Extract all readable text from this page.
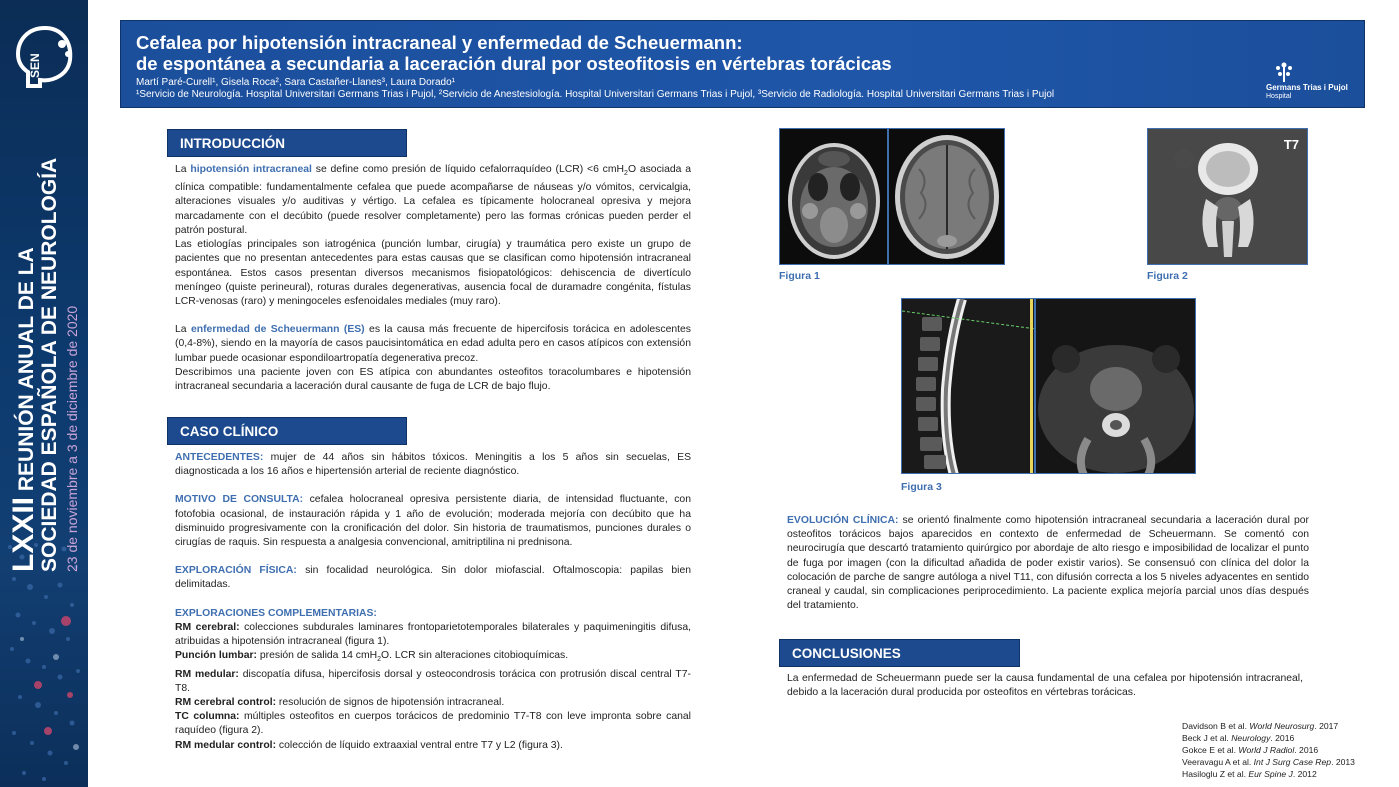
SEN
LXXII REUNIÓN ANUAL DE LA SOCIEDAD ESPAÑOLA DE NEUROLOGÍA 23 de noviembre a 3 de diciembre de 2020
Cefalea por hipotensión intracraneal y enfermedad de Scheuermann:
de espontánea a secundaria a laceración dural por osteofitosis en vértebras torácicas
Martí Paré-Curell¹, Gisela Roca², Sara Castañer-Llanes³, Laura Dorado¹
¹Servicio de Neurología. Hospital Universitari Germans Trias i Pujol, ²Servicio de Anestesiología. Hospital Universitari Germans Trias i Pujol, ³Servicio de Radiología. Hospital Universitari Germans Trias i Pujol
Germans Trias i Pujol
Hospital
INTRODUCCIÓN

La hipotensión intracraneal se define como presión de líquido cefalorraquídeo (LCR) <6 cmH$_2$O asociada a clínica compatible: fundamentalmente cefalea que puede acompañarse de náuseas y/o vómitos, cervicalgia, alteraciones visuales y/o auditivas y vértigo. La cefalea es típicamente holocraneal opresiva y mejora marcadamente con el decúbito (puede resolver completamente) pero las formas crónicas pueden perder el patrón postural.

Las etiologías principales son iatrogénica (punción lumbar, cirugía) y traumática pero existe un grupo de pacientes que no presentan antecedentes para estas causas que se clasifican como hipotensión intracraneal espontánea. Estos casos presentan diversos mecanismos fisiopatológicos: dehiscencia de divertículo meníngeo (quiste perineural), roturas durales degenerativas, ausencia focal de duramadre congénita, fístulas LCR-venosas (raro) y meningoceles esfenoidales mediales (muy raro).

La enfermedad de Scheuermann (ES) es la causa más frecuente de hipercifosis torácica en adolescentes (0,4-8%), siendo en la mayoría de casos paucisintomática en edad adulta pero en casos atípicos con extensión lumbar puede ocasionar espondiloartropatía degenerativa precoz.

Describimos una paciente joven con ES atípica con abundantes osteofitos toracolumbares e hipotensión intracraneal secundaria a laceración dural causante de fuga de LCR de bajo flujo.

CASO CLÍNICO

ANTECEDENTES: mujer de 44 años sin hábitos tóxicos. Meningitis a los 5 años sin secuelas, ES diagnosticada a los 16 años e hipertensión arterial de reciente diagnóstico.

MOTIVO DE CONSULTA: cefalea holocraneal opresiva persistente diaria, de intensidad fluctuante, con fotofobia ocasional, de instauración rápida y 1 año de evolución; moderada mejoría con decúbito que ha disminuido progresivamente con la cronificación del dolor. Sin historia de traumatismos, punciones durales o cirugías de raquis. Sin respuesta a analgesia convencional, amitriptilina ni prednisona.

EXPLORACIÓN FÍSICA: sin focalidad neurológica. Sin dolor miofascial. Oftalmoscopia: papilas bien delimitadas.

EXPLORACIONES COMPLEMENTARIAS:

RM cerebral: colecciones subdurales laminares frontoparietotemporales bilaterales y paquimeningitis difusa, atribuidas a hipotensión intracraneal (figura 1).

Punción lumbar: presión de salida 14 cmH$_2$O. LCR sin alteraciones citobioquímicas.

RM medular: discopatía difusa, hipercifosis dorsal y osteocondrosis torácica con protrusión discal central T7-T8.

RM cerebral control: resolución de signos de hipotensión intracraneal.

TC columna: múltiples osteofitos en cuerpos torácicos de predominio T7-T8 con leve impronta sobre canal raquídeo (figura 2).

RM medular control: colección de líquido extraaxial ventral entre T7 y L2 (figura 3).

Figura 1
T7
Figura 2
Figura 3

EVOLUCIÓN CLÍNICA: se orientó finalmente como hipotensión intracraneal secundaria a laceración dural por osteofitos torácicos bajos aparecidos en contexto de enfermedad de Scheuermann. Se comentó con neurocirugía que descartó tratamiento quirúrgico por abordaje de alto riesgo e imposibilidad de localizar el punto de fuga por imagen (con la dificultad añadida de poder existir varios). Se consensuó con clínica del dolor la colocación de parche de sangre autóloga a nivel T11, con difusión correcta a los 5 niveles adyacentes en sentido craneal y caudal, sin complicaciones periprocedimiento. La paciente explica mejoría parcial unos días después del tratamiento.

CONCLUSIONES
La enfermedad de Scheuermann puede ser la causa fundamental de una cefalea por hipotensión intracraneal, debido a la laceración dural producida por osteofitos en vértebras torácicas.
Davidson B et al. World Neurosurg. 2017
Beck J et al. Neurology. 2016
Gokce E et al. World J Radiol. 2016
Veeravagu A et al. Int J Surg Case Rep. 2013
Hasiloglu Z et al. Eur Spine J. 2012
